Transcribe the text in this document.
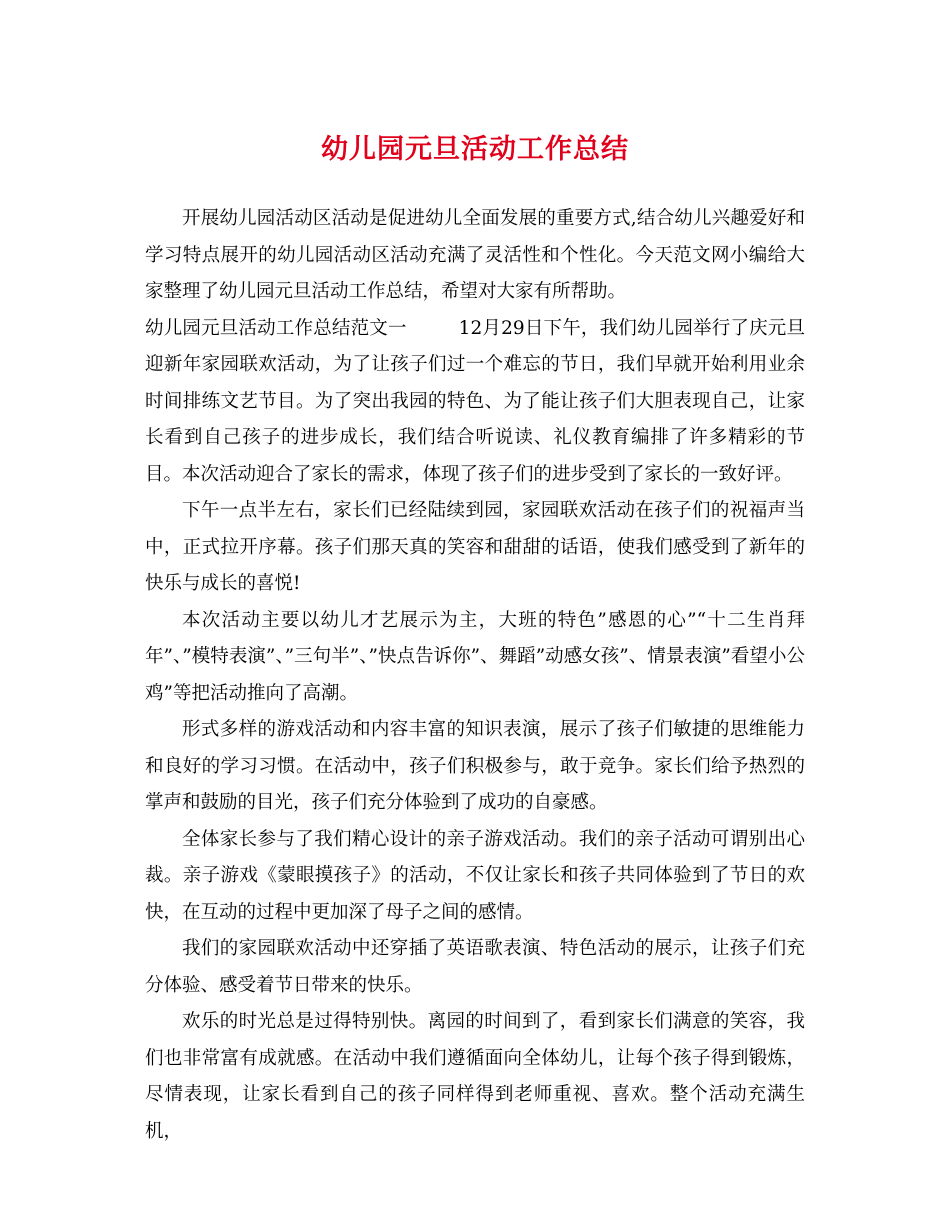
幼儿园元旦活动工作总结

开展幼儿园活动区活动是促进幼儿全面发展的重要方式,结合幼儿兴趣爱好和学习特点展开的幼儿园活动区活动充满了灵活性和个性化。今天范文网小编给大家整理了幼儿园元旦活动工作总结，希望对大家有所帮助。

幼儿园元旦活动工作总结范文一	12月29日下午，我们幼儿园举行了庆元旦迎新年家园联欢活动，为了让孩子们过一个难忘的节日，我们早就开始利用业余时间排练文艺节目。为了突出我园的特色、为了能让孩子们大胆表现自己，让家长看到自己孩子的进步成长，我们结合听说读、礼仪教育编排了许多精彩的节目。本次活动迎合了家长的需求，体现了孩子们的进步受到了家长的一致好评。

下午一点半左右，家长们已经陆续到园，家园联欢活动在孩子们的祝福声当中，正式拉开序幕。孩子们那天真的笑容和甜甜的话语，使我们感受到了新年的快乐与成长的喜悦!

本次活动主要以幼儿才艺展示为主，大班的特色”感恩的心”“十二生肖拜年”、”模特表演”、”三句半”、”快点告诉你”、舞蹈”动感女孩”、情景表演”看望小公鸡”等把活动推向了高潮。

形式多样的游戏活动和内容丰富的知识表演，展示了孩子们敏捷的思维能力和良好的学习习惯。在活动中，孩子们积极参与，敢于竞争。家长们给予热烈的掌声和鼓励的目光，孩子们充分体验到了成功的自豪感。

全体家长参与了我们精心设计的亲子游戏活动。我们的亲子活动可谓别出心裁。亲子游戏《蒙眼摸孩子》的活动，不仅让家长和孩子共同体验到了节日的欢快，在互动的过程中更加深了母子之间的感情。

我们的家园联欢活动中还穿插了英语歌表演、特色活动的展示，让孩子们充分体验、感受着节日带来的快乐。

欢乐的时光总是过得特别快。离园的时间到了，看到家长们满意的笑容，我们也非常富有成就感。在活动中我们遵循面向全体幼儿，让每个孩子得到锻炼，尽情表现，让家长看到自己的孩子同样得到老师重视、喜欢。整个活动充满生机，
